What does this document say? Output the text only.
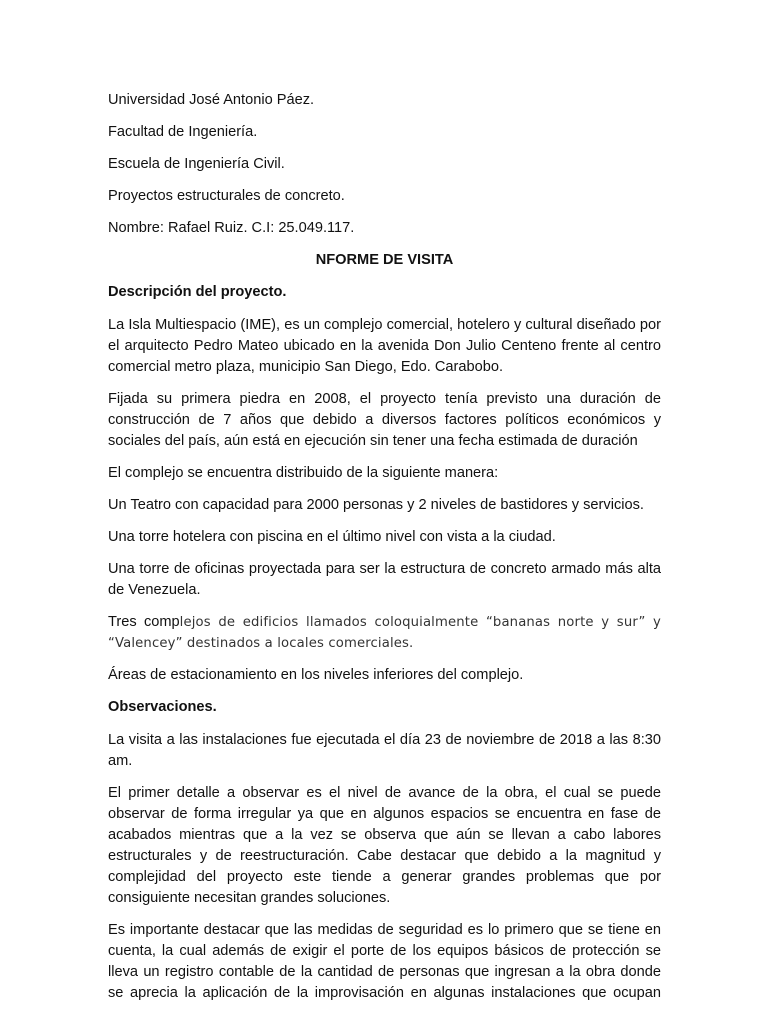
Universidad José Antonio Páez.
Facultad de Ingeniería.
Escuela de Ingeniería Civil.
Proyectos estructurales de concreto.
Nombre: Rafael Ruiz. C.I: 25.049.117.
NFORME DE VISITA
Descripción del proyecto.

La Isla Multiespacio (IME), es un complejo comercial, hotelero y cultural diseñado por el arquitecto Pedro Mateo ubicado en la avenida Don Julio Centeno frente al centro comercial metro plaza, municipio San Diego, Edo. Carabobo.

Fijada su primera piedra en 2008, el proyecto tenía previsto una duración de construcción de 7 años que debido a diversos factores políticos económicos y sociales del país, aún está en ejecución sin tener una fecha estimada de duración

El complejo se encuentra distribuido de la siguiente manera:

Un Teatro con capacidad para 2000 personas y 2 niveles de bastidores y servicios.

Una torre hotelera con piscina en el último nivel con vista a la ciudad.

Una torre de oficinas proyectada para ser la estructura de concreto armado más alta de Venezuela.

Tres complejos de edificios llamados coloquialmente “bananas norte y sur” y “Valencey” destinados a locales comerciales.

Áreas de estacionamiento en los niveles inferiores del complejo.

Observaciones.

La visita a las instalaciones fue ejecutada el día 23 de noviembre de 2018 a las 8:30 am.

El primer detalle a observar es el nivel de avance de la obra, el cual se puede observar de forma irregular ya que en algunos espacios se encuentra en fase de acabados mientras que a la vez se observa que aún se llevan a cabo labores estructurales y de reestructuración. Cabe destacar que debido a la magnitud y complejidad del proyecto este tiende a generar grandes problemas que por consiguiente necesitan grandes soluciones.

Es importante destacar que las medidas de seguridad es lo primero que se tiene en cuenta, la cual además de exigir el porte de los equipos básicos de protección se lleva un registro contable de la cantidad de personas que ingresan a la obra donde se aprecia la aplicación de la improvisación en algunas instalaciones que ocupan
